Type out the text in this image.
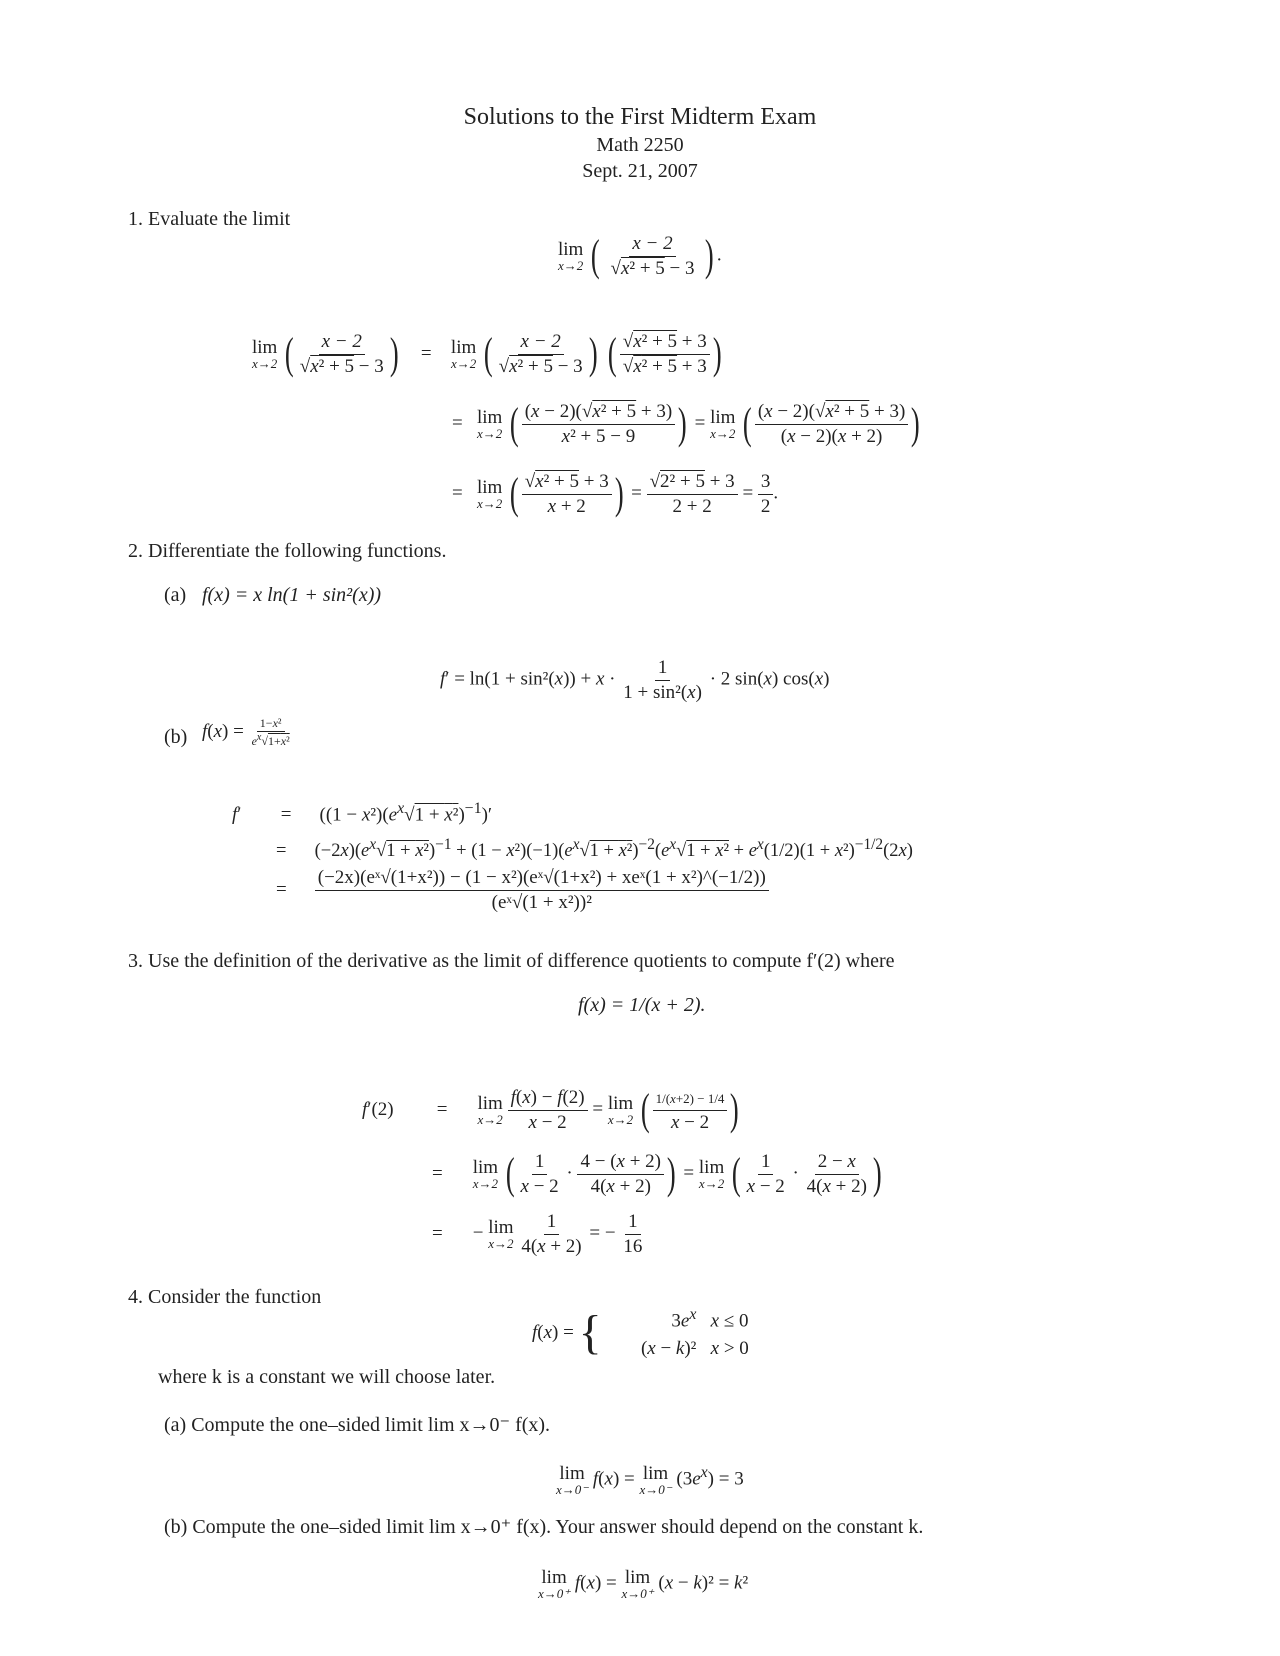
Solutions to the First Midterm Exam
Math 2250
Sept. 21, 2007
1. Evaluate the limit
lim
x→2 ( $\frac{x - 2}{\text{√x² + 5 − 3}}$ ) .
lim
x→2 ( $\frac{x - 2}{\text{√x² + 5 − 3}}$ ) = lim
x→2 ( $\frac{x - 2}{\text{√x² + 5 − 3}}$ ) ( $\frac{\text{√x² + 5 + 3}}{\text{√x² + 5 + 3}}$ )
= lim
x→2 ( $\frac{\text{(x − 2)(√x² + 5 + 3)}}{\text{x² + 5 − 9}}$ ) = lim
x→2 ( $\frac{\text{(x − 2)(√x² + 5 + 3)}}{(x - 2)(x + 2)}$ )
= lim
x→2 ( $\frac{\text{√x² + 5 + 3}}{x + 2}$ ) = $\frac{\text{√2² + 5 + 3}}{2 + 2} = \frac{3}{2}$ .
2. Differentiate the following functions.
(a) f(x) = x ln(1 + sin²(x))
$f' = \ln(1 + \sin^2(x)) + x \cdot \frac{1}{\text{1 + sin²(x)}} \cdot 2$ sin(x) cos(x)
(b) $f(x) = \frac{\text{1−x²}}{e^x√1+x^2}$
$f' = ((1 - x^2)(e^x√1 + x^2)^{-1})'$
= $(-2x)(e^x√1 + x^2)^{-1} + (1 - x^2)(-1)(e^x√1 + x^2)^{-2}(e^x√1 + x^2 + e^x(1/2)(1 + x^2)^{-1/2}(2x)$
= $\frac{\text{(−2x)(eˣ√(1+x²)) − (1 − x²)(eˣ√(1+x²) + xeˣ(1 + x²)\textasciicircum{}(−1/2))}}{\text{(eˣ√(1 + x²))²}}$
3. Use the definition of the derivative as the limit of difference quotients to compute f′(2) where
f(x) = 1/(x + 2).
f′(2) = lim
x→2
$\frac{f(x) - f(2)}{x - 2} = \lim$
x→2 ( $\frac{1/(x+2) - 1/4}{x - 2}$ )
= lim
x→2 ( $\frac{1}{x - 2} \cdot \frac{4 - (x + 2)}{4(x + 2)}$ ) = lim
x→2 ( $\frac{1}{x - 2} \cdot \frac{2 - x}{4(x + 2)}$ )
= − lim
x→2
$\frac{1}{4(x + 2)}$ = − $\frac{1}{16}$
4. Consider the function
f(x) = {	$3e^x$ x ≤ 0
(x − k)² x > 0
where k is a constant we will choose later.
(a) Compute the one–sided limit lim x→0⁻ f(x).
lim
x→0⁻
f(x) = lim
x→0⁻
$(3e^x) = 3$
(b) Compute the one–sided limit lim x→0⁺ f(x). Your answer should depend on the constant k.
lim
x→0⁺
f(x) = lim
x→0⁺
(x − k)² = k²
